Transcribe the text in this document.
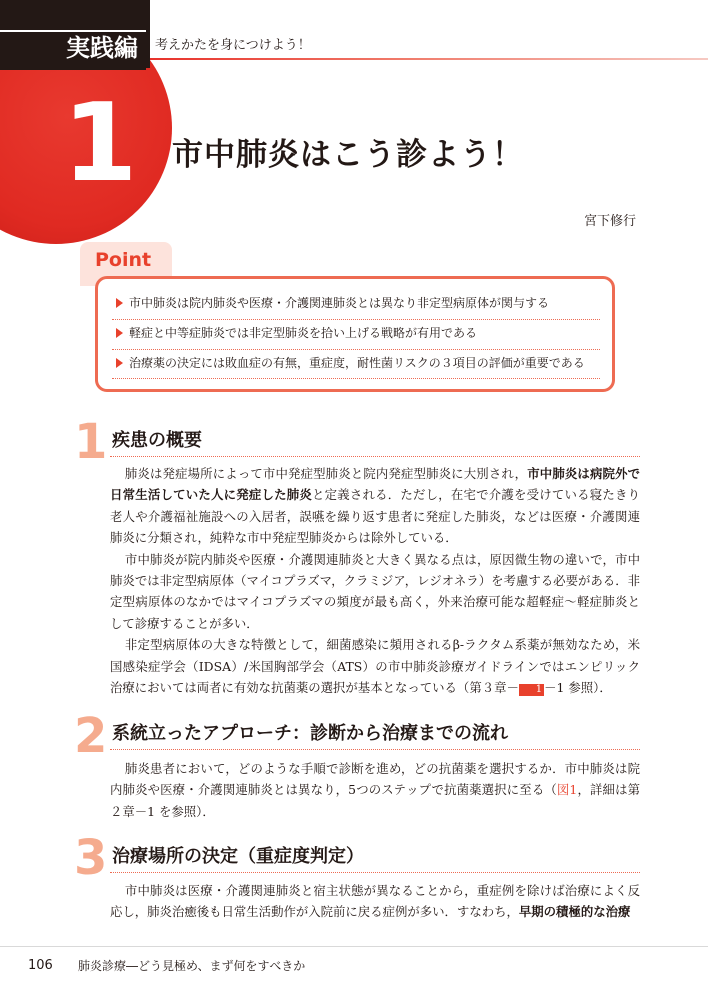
実践編	考えかたを身につけよう！
1 市中肺炎はこう診よう！
宮下修行
市中肺炎は院内肺炎や医療・介護関連肺炎とは異なり非定型病原体が関与する
軽症と中等症肺炎では非定型肺炎を拾い上げる戦略が有用である
治療薬の決定には敗血症の有無，重症度，耐性菌リスクの３項目の評価が重要である
Point
1 疾患の概要

肺炎は発症場所によって市中発症型肺炎と院内発症型肺炎に大別され，市中肺炎は病院外で日常生活していた人に発症した肺炎と定義される．ただし，在宅で介護を受けている寝たきり老人や介護福祉施設への入居者，誤嚥を繰り返す患者に発症した肺炎，などは医療・介護関連肺炎に分類され，純粋な市中発症型肺炎からは除外している．

市中肺炎が院内肺炎や医療・介護関連肺炎と大きく異なる点は，原因微生物の違いで，市中肺炎では非定型病原体（マイコプラズマ，クラミジア，レジオネラ）を考慮する必要がある．非定型病原体のなかではマイコプラズマの頻度が最も高く，外来治療可能な超軽症～軽症肺炎として診療することが多い．

非定型病原体の大きな特徴として，細菌感染に頻用されるβ-ラクタム系薬が無効なため，米国感染症学会（IDSA）/米国胸部学会（ATS）の市中肺炎診療ガイドラインではエンピリック治療においては両者に有効な抗菌薬の選択が基本となっている（第３章－ 1 －1 参照）．

2 系統立ったアプローチ：診断から治療までの流れ

肺炎患者において，どのような手順で診断を進め，どの抗菌薬を選択するか．市中肺炎は院内肺炎や医療・介護関連肺炎とは異なり，5つのステップで抗菌薬選択に至る（図1，詳細は第２章－1 を参照）．

3 治療場所の決定（重症度判定）

市中肺炎は医療・介護関連肺炎と宿主状態が異なることから，重症例を除けば治療によく反応し，肺炎治癒後も日常生活動作が入院前に戻る症例が多い．すなわち，早期の積極的な治療

106 肺炎診療―どう見極め、まず何をすべきか
